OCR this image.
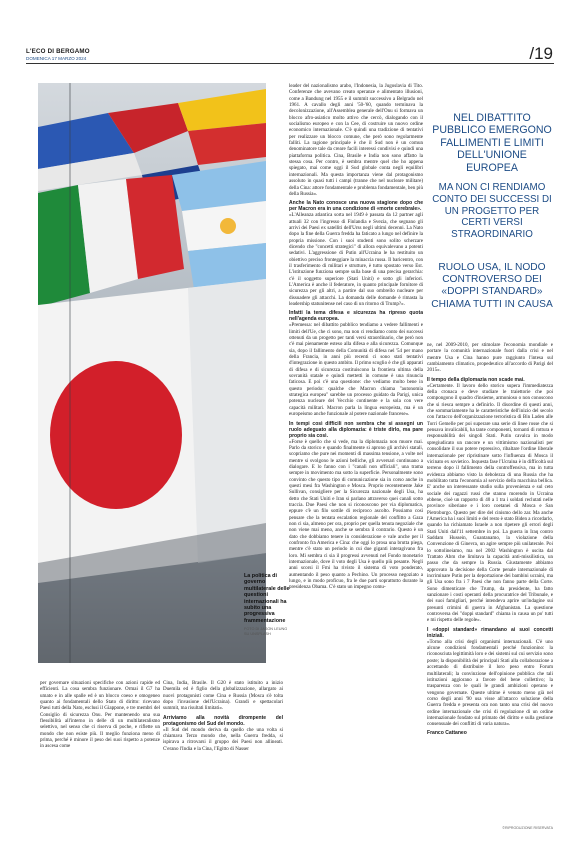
L'ECO DI BERGAMO
DOMENICA 17 MARZO 2024	/19
La politica di governo multilaterale delle questioni internazionali ha subito una progressiva frammentazione
FOTO DI JASON LEUNG SU UNSPLASH
NEL DIBATTITO PUBBLICO EMERGONO FALLIMENTI E LIMITI DELL'UNIONE EUROPEA
MA NON CI RENDIAMO CONTO DEI SUCCESSI DI UN PROGETTO PER CERTI VERSI STRAORDINARIO
RUOLO USA, IL NODO CONTROVERSO DEI «DOPPI STANDARD» CHIAMA TUTTI IN CAUSA

per governare situazioni specifiche con azioni rapide ed efficienti. La cosa sembra funzionare. Ormai il G7 ha umato e in alle spalle ed è un blocco coeso e omogeneo quanto ai fondamentali dello Stato di diritto: ricevano Paesi tutti della Nato, esclusi il Giappone, e tre membri del Consiglio di sicurezza Onu. Per mantenendo una sua flessibilità all'interno in delle di un multilateralismo selettivo, nel senso che ci riserva di poche, e riflette un mondo che non esiste più. Il meglio funziona meno di prima, perché è minore il peso dei suoi rispetto a potenze in ascesa come

Cina, India, Brasile. Il G20 è stato istituito a inizio Duemila ed è figlio della globalizzazione, allargato ai nuovi protagonisti come Cina e Russia (Mosca s'è tolta dopo l'invasione dell'Ucraina). Grandi e spettacolari summit, ma risultati limitati».

Arriviamo alla novità dirompente del protagonismo del Sud del mondo.

«Il Sud del mondo deriva da quello che una volta si chiamava Terzo mondo che, nella Guerra fredda, si ispirava a ritrovarsi il gruppo dei Paesi non allineati. C'erano l'India e la Cina, l'Egitto di Nasser

leader del nazionalismo arabo, l'Indonesia, la Jugoslavia di Tito. Conferenze che avevano creato speranze e alimentato illusioni, come a Bandung nel 1955 e il summit successivo a Belgrado nel 1961. A cavallo degli anni '50-'60, quando terminava la decolonizzazione, all'Assemblea generale dell'Onu si formava un blocco afro-asiatico molto attivo che cercò, dialogando con il socialismo europeo e con la Cee, di costruire un nuovo ordine economico internazionale. C'è quindi una tradizione di tentativi per realizzare un blocco comune, che però sono regolarmente falliti. La ragione principale è che il Sud non è un comun denominatore tale da creare facili interessi condivisi e quindi una piattaforma politica. Cina, Brasile e India non sono affatto la stessa cosa. Per contro, è sembra mentre quel che ho appena spiegato, mai come oggi il Sud globale conta negli equilibri internazionali. Ma questa importanza viene dal protagonismo assoluto in quasi tutti i campi (tranne che nel nucleare militare) della Cina: attore fondamentale e problema fondamentale, ben più della Russia».

Anche la Nato conosce una nuova stagione dopo che per Macron era in una condizione di «morte cerebrale».

«L'Alleanza atlantica sorta nel 1949 è passata da 12 partner agli attuali 32 con l'ingresso di Finlandia e Svezia, che segnano gli arrivi dei Paesi ex satelliti dell'Urss negli ultimi decenni. La Nato dopo la fine della Guerra fredda ha faticato a lungo nel definire la propria missione. Con i suoi studenti sono solito scherzare dicendo che "concetti strategici" di allora equivalevano a potenti sedativi. L'aggressione di Putin all'Ucraina le ha restituito un obiettivo preciso fronteggiare la minaccia russa. Il baricentro, con il trasferimento di militari e strutture, è tutto spostato verso Est. L'istituzione funziona sempre sulla base di una precisa gerarchia: c'è il soggetto superiore (Stati Uniti) e sotto gli inferiori. L'America è anche il federatore, in quanto principale fornitore di sicurezza per gli altri, a partire dal suo ombrello nucleare per dissuadere gli attacchi. La domanda delle domande è rimasta la leadership statunitense nel caso di un ritorno di Trump?».

Infatti la tema difesa e sicurezza ha ripreso quota nell'agenda europea.

«Premessa: nel dibattito pubblico tendiamo a vedere fallimenti e limiti dell'Ue, che ci sono, ma non ci rendiamo conto dei successi ottenuti da un progetto per tanti versi straordinario, che però non c'è mai pienamente esteso alla difesa e alla sicurezza. Comunque sia, dopo il fallimento della Comunità di difesa nel '54 per mano della Francia, in anni più recenti ci sono stati tentativi d'integrazione in questo ambito. Il primo scoglio è che gli apparati di difesa e di sicurezza costituiscono la frontiera ultima della sovranità statale e quindi mettetti in comune è una rinuncia faticosa. E poi c'è una questione: che vediamo molto bene in questo periodo: qualche che Macron chiama "autonomia strategica europea" sarebbe un processo guidato da Parigi, unica potenza nucleare del Vecchio continente e la sola con vere capacità militari. Macron parla la lingua europeista, ma è un europeismo anche funzionale al potere nazionale francese».

In tempi così difficili non sembra che si assegni un ruolo adeguato alla diplomazia: è triste dirlo, ma pare proprio sia così.

«Forse è quello che si vede, ma la diplomazia non muore mai. Parlo da storico e quando finalmente si aprono gli archivi statali, scopriamo che pure nei momenti di massima tensione, a volte nel mentre si svolgono le azioni belliche, gli avversari continuano a dialogare. E lo fanno con i "canali non ufficiali", una trama sempre in movimento ma sotto la superficie. Personalmente sono convinto che questo tipo di comunicazione sia in corso anche in questi mesi fra Washington e Mosca. Proprio recentemente Jake Sullivan, consigliere per la Sicurezza nazionale degli Usa, ha detto che Stati Uniti e Iran si parlano attraverso quei canali sotto traccia. Due Paesi che non si riconoscono per via diplomatica, eppure c'è un filo sottile di reciproco ascolto. Possiamo così pensare che la tentata escalation regionale del conflitto a Gaza non ci sia, almeno per ora, proprio per quella tenuta negoziale che non viene mai meno, anche se sembra il contrario. Questo è un dato che dobbiamo tenere in considerazione e vale anche per il confronto fra America e Cina: che oggi lo prosa una brutta piega, mentre c'è stato un periodo in cui due giganti interagivano fra loro. Mi sembra ci sia il progressi avvenuti nel Fondo monetario internazionale, dove il voto degli Usa è quello più pesante. Negli anni scorsi il Fmi ha rivisto il sistema di voto ponderato, aumentando il peso quanto a Pechino. Un processo negoziato a lungo, e in modo proficuo, fra le due parti soprattutto durante la presidenza Obama. C'è stato un impegno comu-

ne, nel 2009-2010, per stimolare l'economia mondiale e portare la comunità internazionale fuori dalla crisi e nel mentre Usa e Cina hanno pure raggiunto l'intesa sul cambiamento climatico, propedeutico all'accordo di Parigi del 2015».

Il tempo della diplomazia non scade mai.

«Certamente. Il lavoro dello storico supera l'immediatezza della cronaca e deve studiare le traiettorie che poi compongono il quadro d'insieme, armonioso o non conoscono che si riesca sempre a definirlo. Il disordine di questi anni, che sommariamente ha le caratteristiche dell'inizio del secolo con l'attacco dell'organizzazione terroristica di Bin Laden alle Torri Gemelle per poi superare una serie di linee rosse che si pensava invalicabili, ha tante componenti, tornanti di rottura e responsabilità dei singoli Stati. Putin cavalca in modo spregiudicato un rancore e un vittimismo nazionalisti per consolidare il suo potere repressivo, ribaltare l'ordine liberale internazionale per ripristinare sotto l'influenza di Mosca il vicinato ex sovietico. Inquesta fase l'Ucraina è in difficoltà sul terreno dopo il fallimento della controffensiva, ma in tutta evidenza abbiamo visto la debolezza di una Russia che ha mobilitato tutta l'economia al servizio della macchina bellica. E' anche un interessante studio sulla provenienza e sul ceto sociale dei ragazzi russi che stanno morendo in Ucraina ebbene, cioè un rapporto di 40 a 1 tra i soldati reclutati nelle province siberiane e i loro coetanei di Mosca e San Pietroburgo. Questo per dire del cinismo dello zar. Ma anche l'America ha i suoi limiti e del resto è stato Biden a ricordarlo, quando ha richiamato Israele a non ripetere gli errori degli Stati Uniti dall'11 settembre in poi. La guerra in Iraq contro Saddam Hussein, Guantanamo, la violazione della Convenzione di Ginevra, un agire sempre più unilaterale. Poi lo sottolineiamo, ma nel 2002 Washington è uscita dal Trattato Abm che limitava la capacità anti-missilistica, un passo che da sempre la Russia. Giustamente abbiamo approvato la decisione della Corte penale internazionale di incriminare Putin per la deportazione dei bambini ucraini, ma gli Usa sono fra i 7 Paesi che non fanno parte della Corte. Sono dimenticare che Trump, da presidente, ha fatto sanzionare i costi operanti della procuratrice del Tribunale, e dei suoi famigliari, perché intendeva aprire un'indagine sui presunti crimini di guerra in Afghanistan. La questione controversa dei "doppi standard" chiama in causa un po' tutti e mi rispetto delle regole».

I «doppi standard» rimandano ai suoi concetti iniziali.

«Torno alla crisi degli organismi internazionali. C'è uno alcune condizioni fondamentali perché funzionino: la riconosciuta legittimità loro e dei sistemi sul cui servizio sono poste; la disponibilità dei principali Stati alla collaborazione a accettando di distribuire il loro peso entro Forum multilaterali; la convinzione dell'opinione pubblica che tali istituzioni aggiorano a favore del bene collettivo; la trasparenza con le quali le grandi ambizioni operano e vengono governate. Queste ultime è venuto meno già nel corso degli anni '90 usa visse all'attacco soluzione della Guerra fredda e presenta ora non tanto una crisi del nuovo ordine internazionale che crisi di regolazione di un ordine internazionale fondato sul primato del diritto e sulla gestione consensuale dei conflitti di varia natura».

Franco Cattaneo

©RIPRODUZIONE RISERVATA
